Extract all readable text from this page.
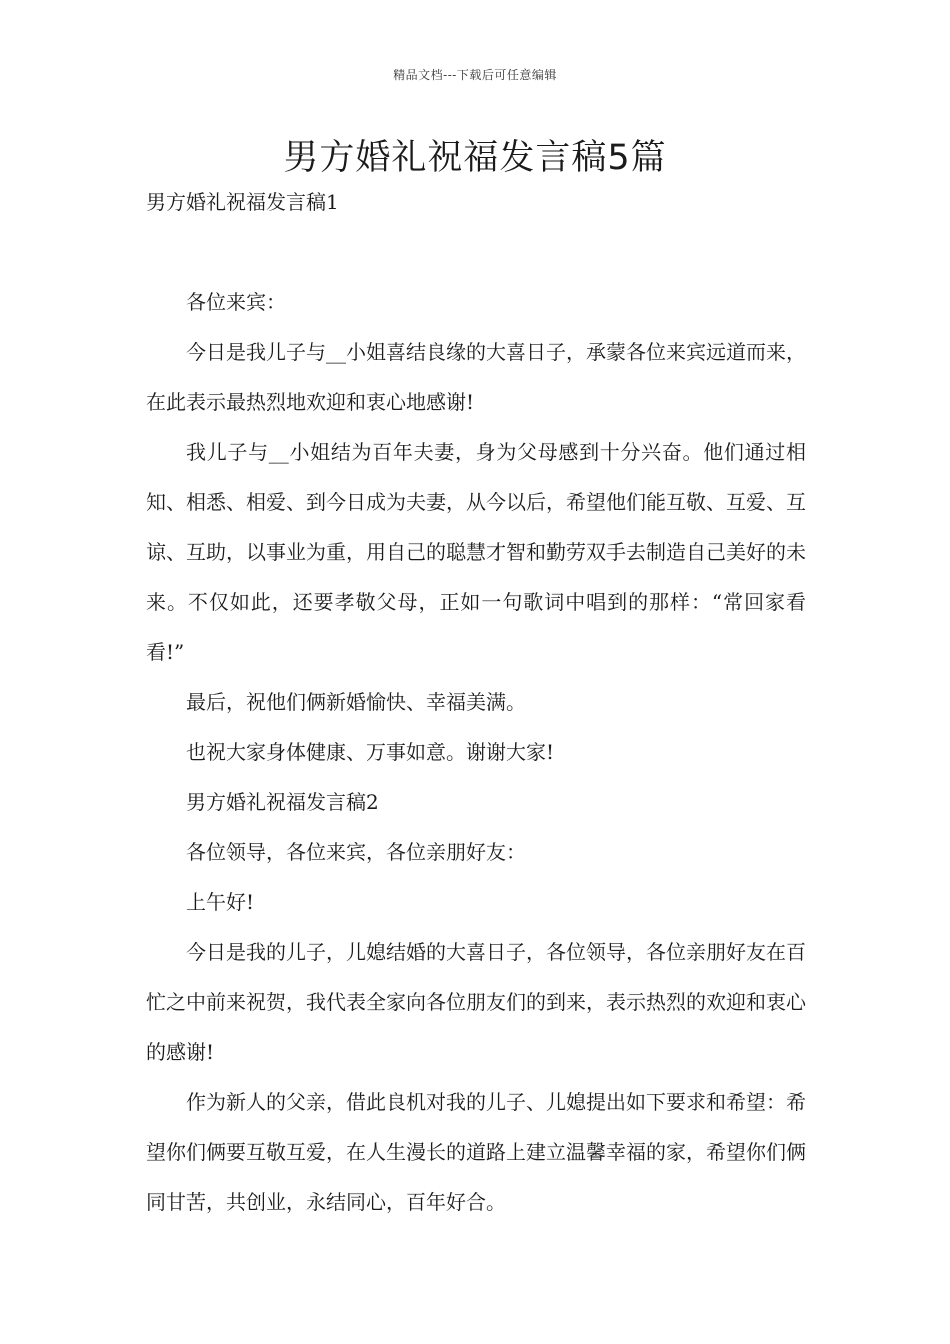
精品文档---下载后可任意编辑
男方婚礼祝福发言稿5篇
男方婚礼祝福发言稿1

各位来宾：

今日是我儿子与__小姐喜结良缘的大喜日子，承蒙各位来宾远道而来，在此表示最热烈地欢迎和衷心地感谢!

我儿子与__小姐结为百年夫妻，身为父母感到十分兴奋。他们通过相知、相悉、相爱、到今日成为夫妻，从今以后，希望他们能互敬、互爱、互谅、互助，以事业为重，用自己的聪慧才智和勤劳双手去制造自己美好的未来。不仅如此，还要孝敬父母，正如一句歌词中唱到的那样：“常回家看看!”

最后，祝他们俩新婚愉快、幸福美满。

也祝大家身体健康、万事如意。谢谢大家!

男方婚礼祝福发言稿2

各位领导，各位来宾，各位亲朋好友：

上午好!

今日是我的儿子，儿媳结婚的大喜日子，各位领导，各位亲朋好友在百忙之中前来祝贺，我代表全家向各位朋友们的到来，表示热烈的欢迎和衷心的感谢!

作为新人的父亲，借此良机对我的儿子、儿媳提出如下要求和希望：希望你们俩要互敬互爱，在人生漫长的道路上建立温馨幸福的家，希望你们俩同甘苦，共创业，永结同心，百年好合。
